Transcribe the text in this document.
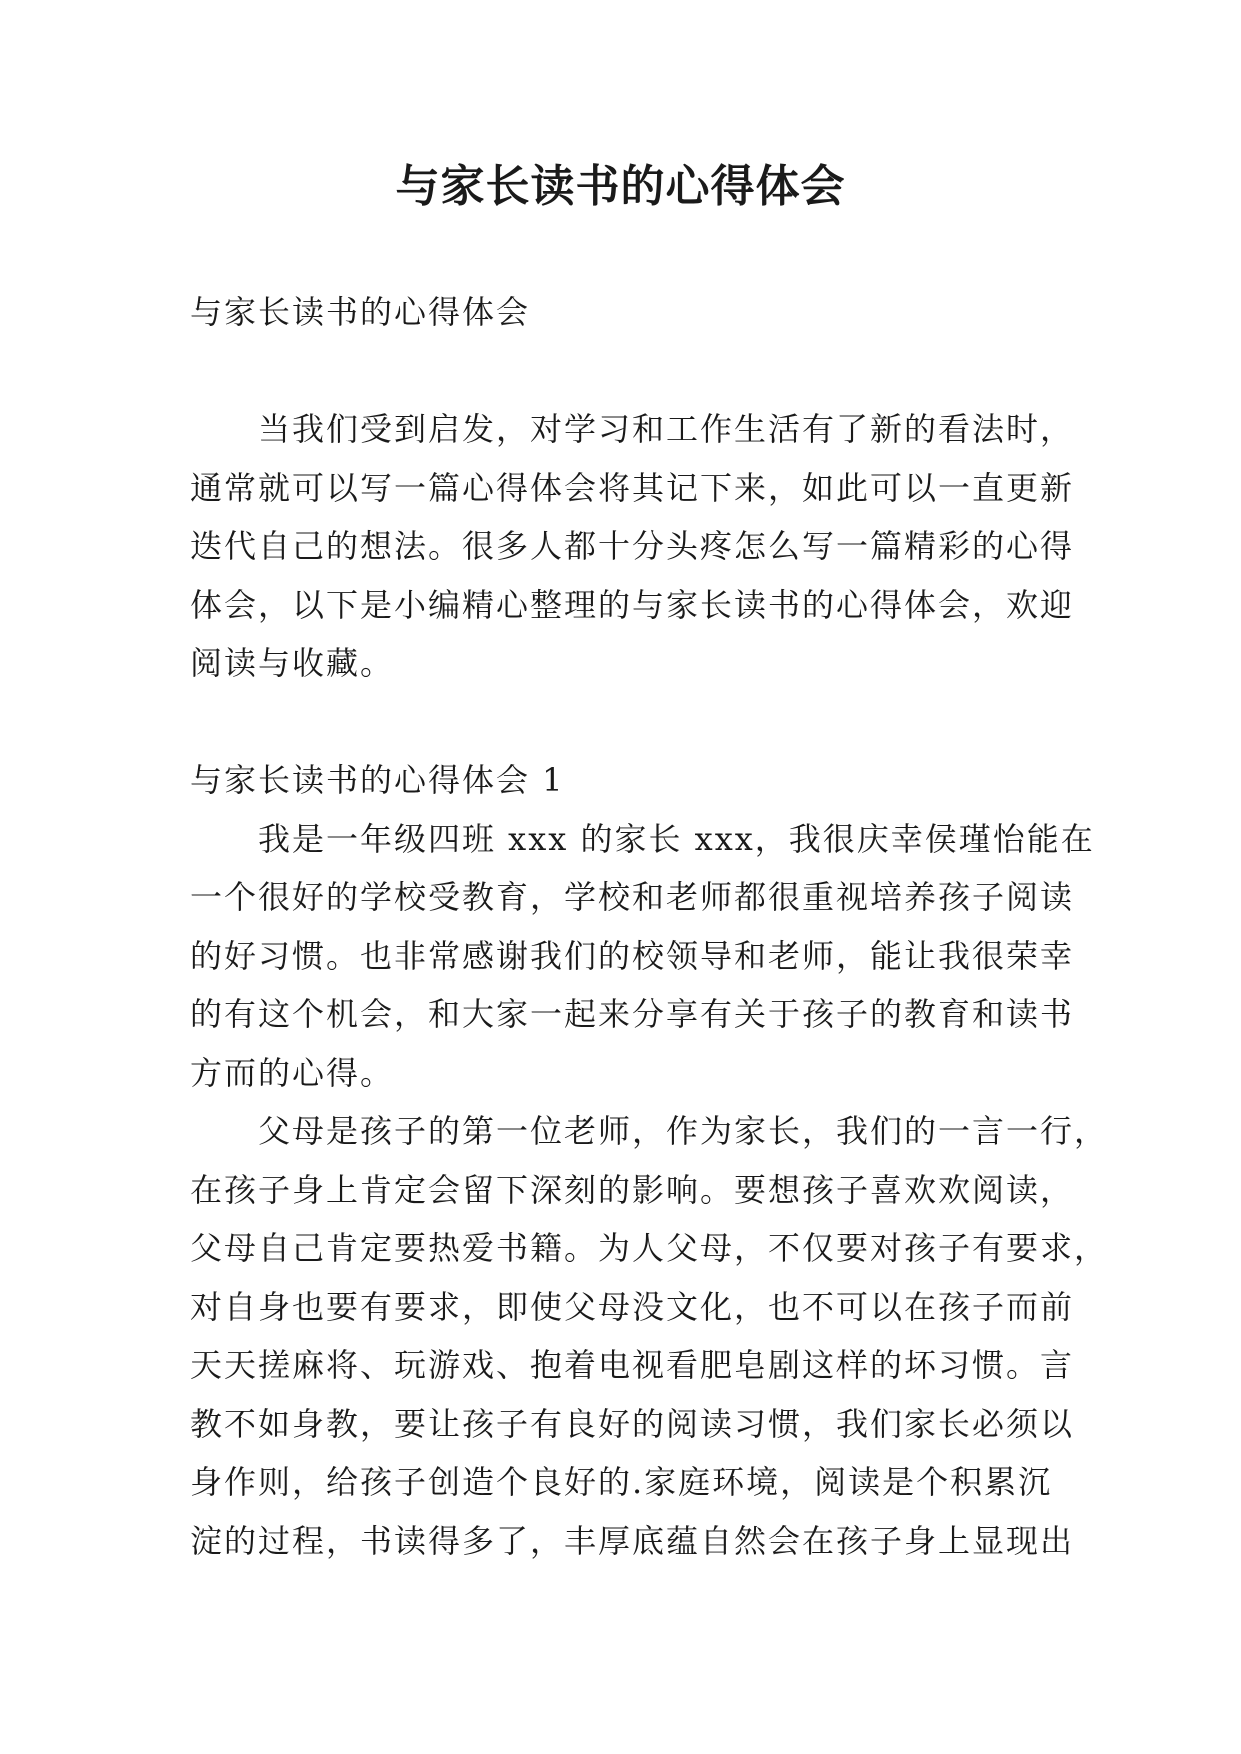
与家长读书的心得体会
与家长读书的心得体会
　　当我们受到启发，对学习和工作生活有了新的看法时，
通常就可以写一篇心得体会将其记下来，如此可以一直更新
迭代自己的想法。很多人都十分头疼怎么写一篇精彩的心得
体会，以下是小编精心整理的与家长读书的心得体会，欢迎
阅读与收藏。
与家长读书的心得体会 1
　　我是一年级四班 xxx 的家长 xxx，我很庆幸侯瑾怡能在
一个很好的学校受教育，学校和老师都很重视培养孩子阅读
的好习惯。也非常感谢我们的校领导和老师，能让我很荣幸
的有这个机会，和大家一起来分享有关于孩子的教育和读书
方而的心得。
　　父母是孩子的第一位老师，作为家长，我们的一言一行，
在孩子身上肯定会留下深刻的影响。要想孩子喜欢欢阅读，
父母自己肯定要热爱书籍。为人父母，不仅要对孩子有要求，
对自身也要有要求，即使父母没文化，也不可以在孩子而前
天天搓麻将、玩游戏、抱着电视看肥皂剧这样的坏习惯。言
教不如身教，要让孩子有良好的阅读习惯，我们家长必须以
身作则，给孩子创造个良好的.家庭环境，阅读是个积累沉
淀的过程，书读得多了，丰厚底蕴自然会在孩子身上显现出
